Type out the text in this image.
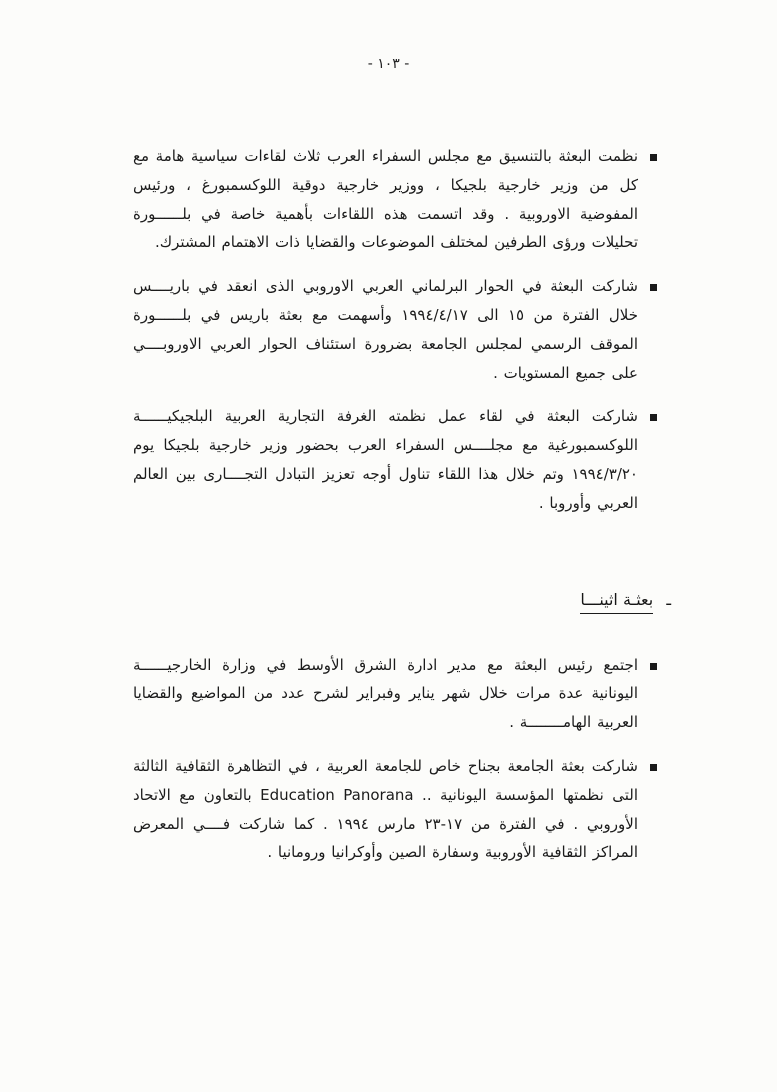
- ١٠٣ -

نظمت البعثة بالتنسيق مع مجلس السفراء العرب ثلاث لقاءات سياسية هامة مع كل من وزير خارجية بلجيكا ، ووزير خارجية دوقية اللوكسمبورغ ، ورئيس المفوضية الاوروبية . وقد اتسمت هذه اللقاءات بأهمية خاصة في بلــــــورة تحليلات ورؤى الطرفين لمختلف الموضوعات والقضايا ذات الاهتمام المشترك.

شاركت البعثة في الحوار البرلماني العربي الاوروبي الذى انعقد في باريــــس خلال الفترة من ١٥ الى ١٩٩٤/٤/١٧ وأسهمت مع بعثة باريس في بلــــــورة الموقف الرسمي لمجلس الجامعة بضرورة استئناف الحوار العربي الاوروبــــي على جميع المستويات .

شاركت البعثة في لقاء عمل نظمته الغرفة التجارية العربية البلجيكيــــــة اللوكسمبورغية مع مجلــــس السفراء العرب بحضور وزير خارجية بلجيكا يوم ١٩٩٤/٣/٢٠ وتم خلال هذا اللقاء تناول أوجه تعزيز التبادل التجــــارى بين العالم العربي وأوروبا .

ـ بعثـة اثينـــا

اجتمع رئيس البعثة مع مدير ادارة الشرق الأوسط في وزارة الخارجيــــــة اليونانية عدة مرات خلال شهر يناير وفبراير لشرح عدد من المواضيع والقضايا العربية الهامــــــــة .

شاركت بعثة الجامعة بجناح خاص للجامعة العربية ، في التظاهرة الثقافية الثالثة التى نظمتها المؤسسة اليونانية .. Education Panorana بالتعاون مع الاتحاد الأوروبي . في الفترة من ١٧-٢٣ مارس ١٩٩٤ . كما شاركت فــــي المعرض المراكز الثقافية الأوروبية وسفارة الصين وأوكرانيا ورومانيا .
